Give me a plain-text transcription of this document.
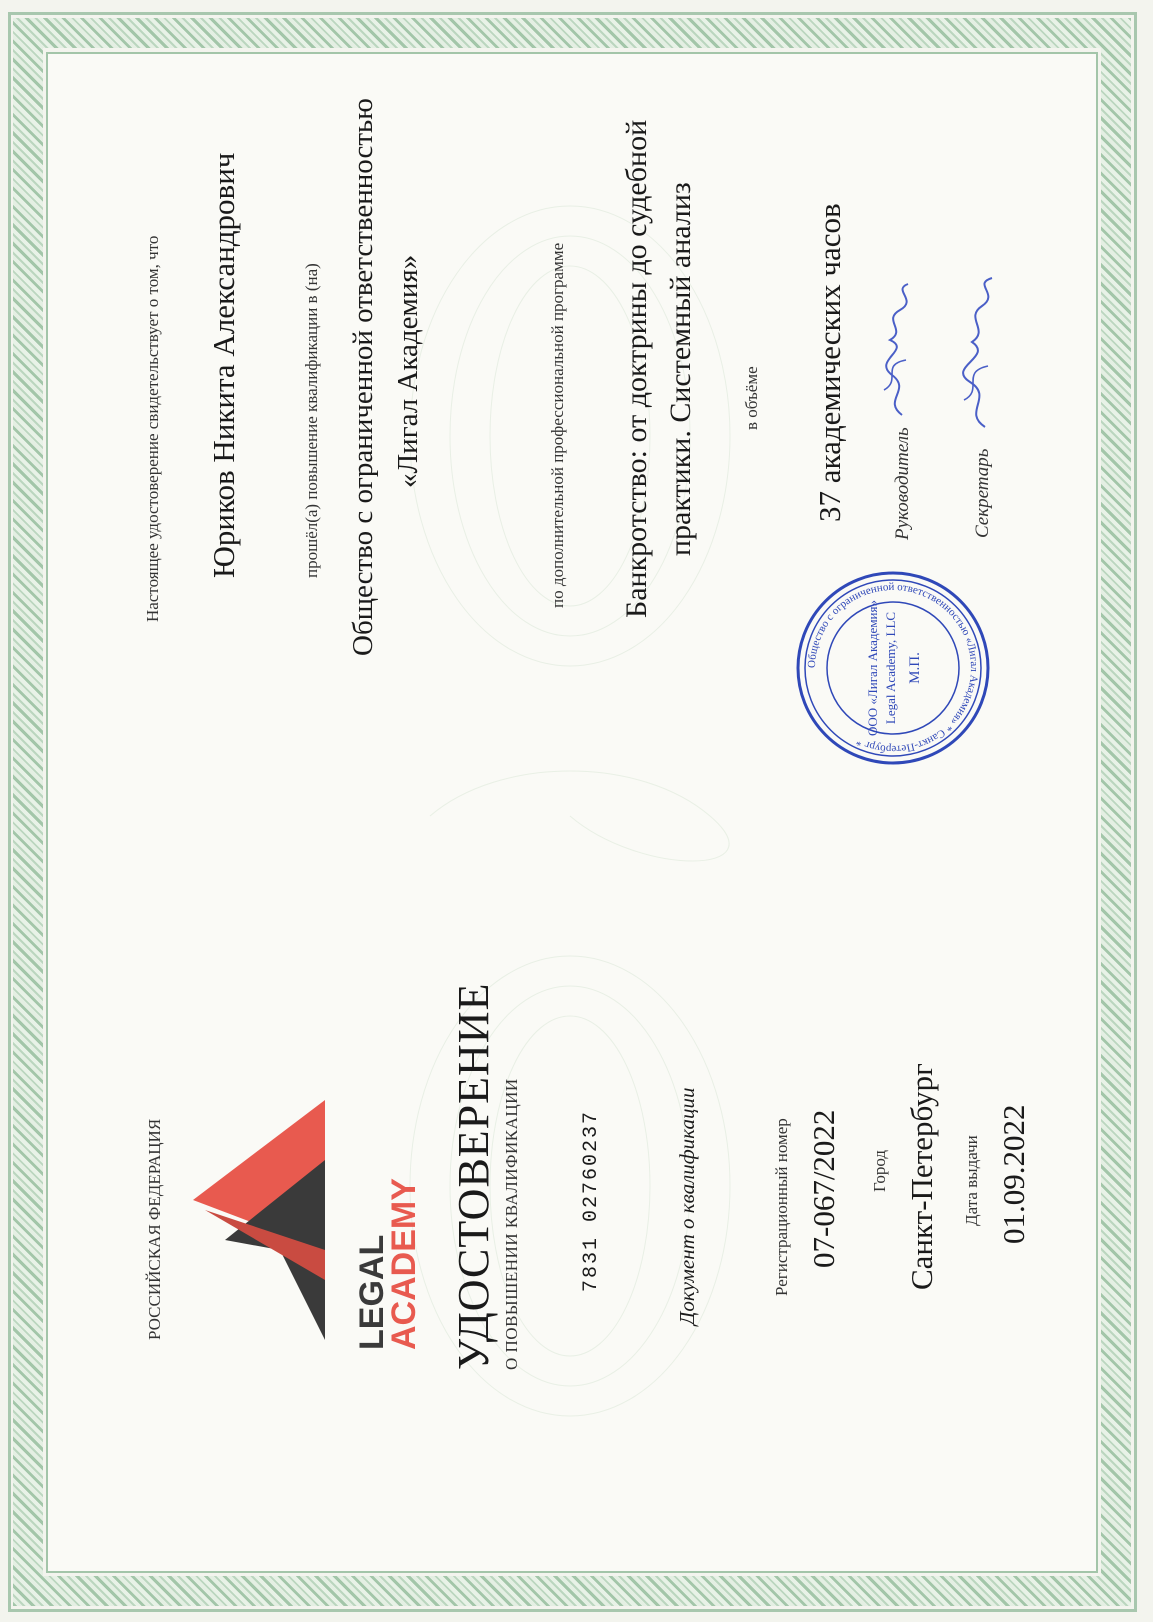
РОССИЙСКАЯ ФЕДЕРАЦИЯ	LEGAL
ACADEMY УДОСТОВЕРЕНИЕ О ПОВЫШЕНИИ КВАЛИФИКАЦИИ	7831 02760237	Документ о квалификации	Регистрационный номер 07-067/2022 Город Санкт-Петербург Дата выдачи 01.09.2022
Настоящее удостоверение свидетельствует о том, что Юриков Никита Александрович	прошёл(а) повышение квалификации в (на) Общество с ограниченной ответственностью «Лигал Академия»	по дополнительной профессиональной программе Банкротство: от доктрины до судебной практики. Системный анализ	в объёме 37 академических часов Руководитель	Секретарь
Общество с ограниченной ответственностью «Лигал Академия» * Санкт-Петербург *
ООО «Лигал Академия» Legal Academy, LLC М.П.
